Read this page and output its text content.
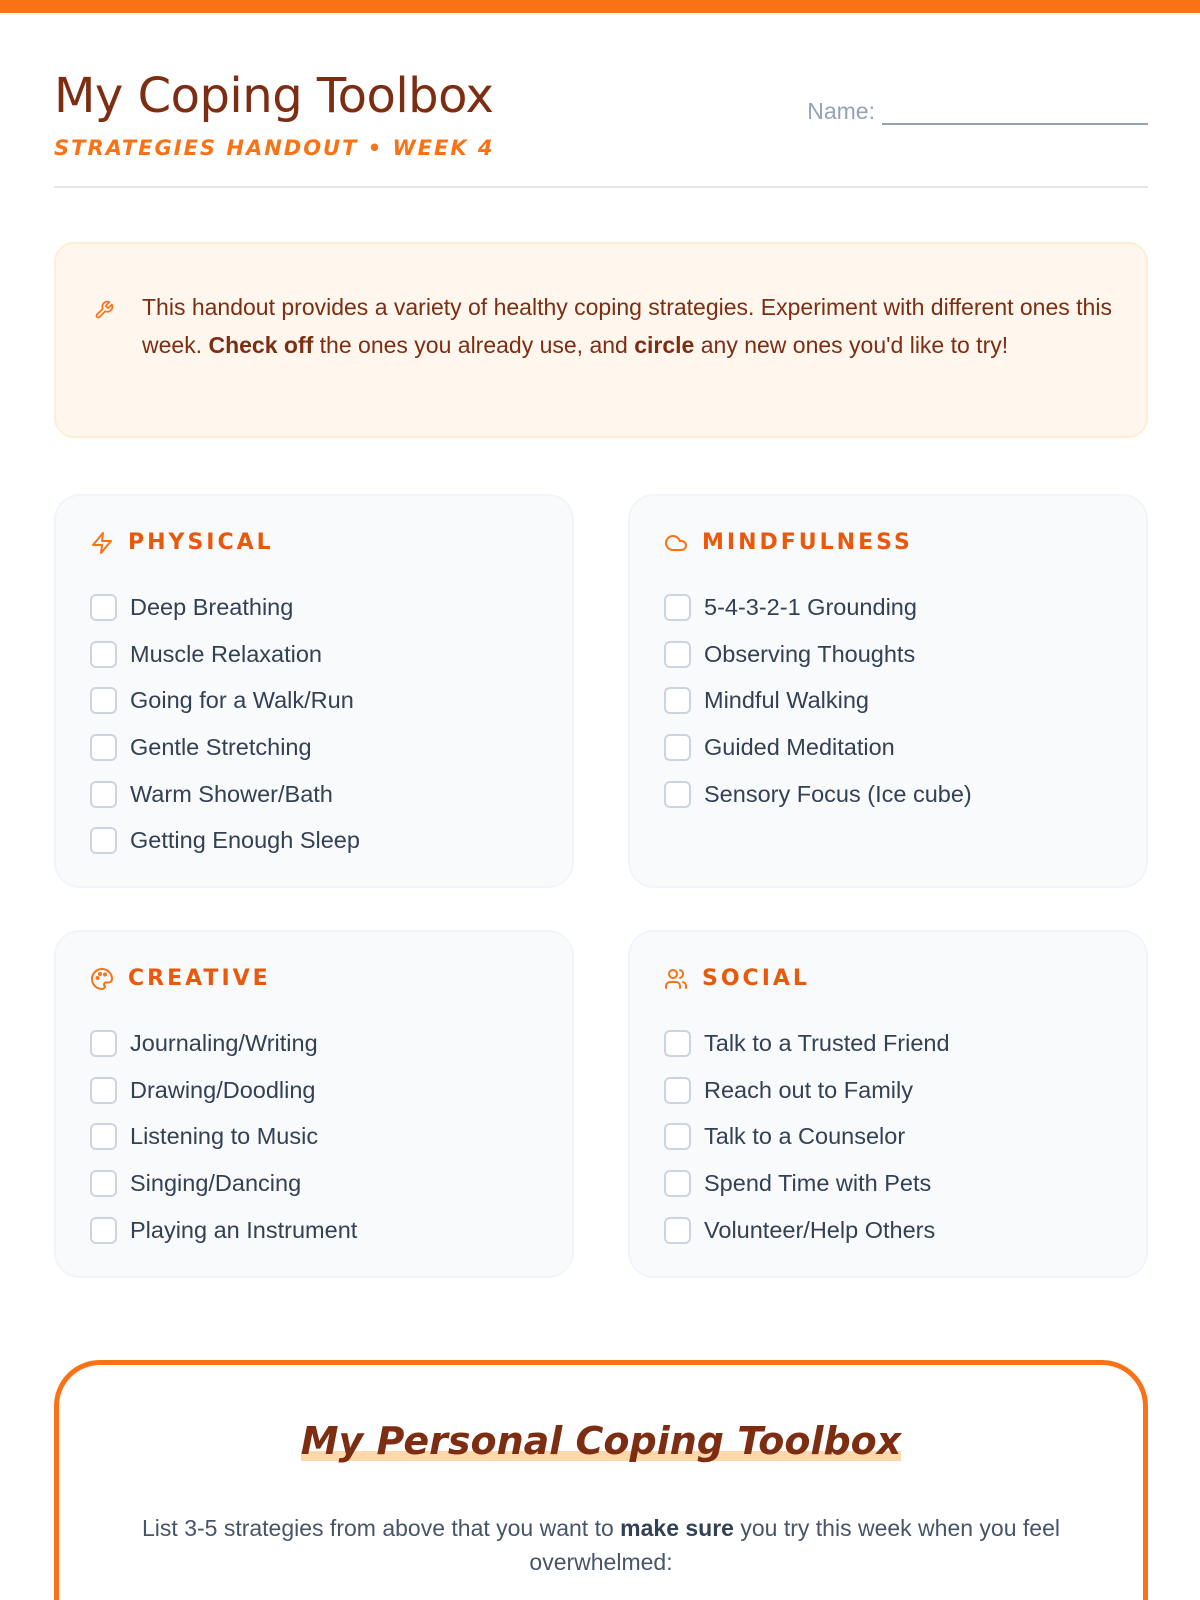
My Coping Toolbox
STRATEGIES HANDOUT • WEEK 4
Name:

This handout provides a variety of healthy coping strategies. Experiment with different ones this week. Check off the ones you already use, and circle any new ones you'd like to try!

PHYSICAL
Deep Breathing
Muscle Relaxation
Going for a Walk/Run
Gentle Stretching
Warm Shower/Bath
Getting Enough Sleep
MINDFULNESS
5-4-3-2-1 Grounding
Observing Thoughts
Mindful Walking
Guided Meditation
Sensory Focus (Ice cube)
CREATIVE
Journaling/Writing
Drawing/Doodling
Listening to Music
Singing/Dancing
Playing an Instrument
SOCIAL
Talk to a Trusted Friend
Reach out to Family
Talk to a Counselor
Spend Time with Pets
Volunteer/Help Others
My Personal Coping Toolbox

List 3-5 strategies from above that you want to make sure you try this week when you feel overwhelmed:
